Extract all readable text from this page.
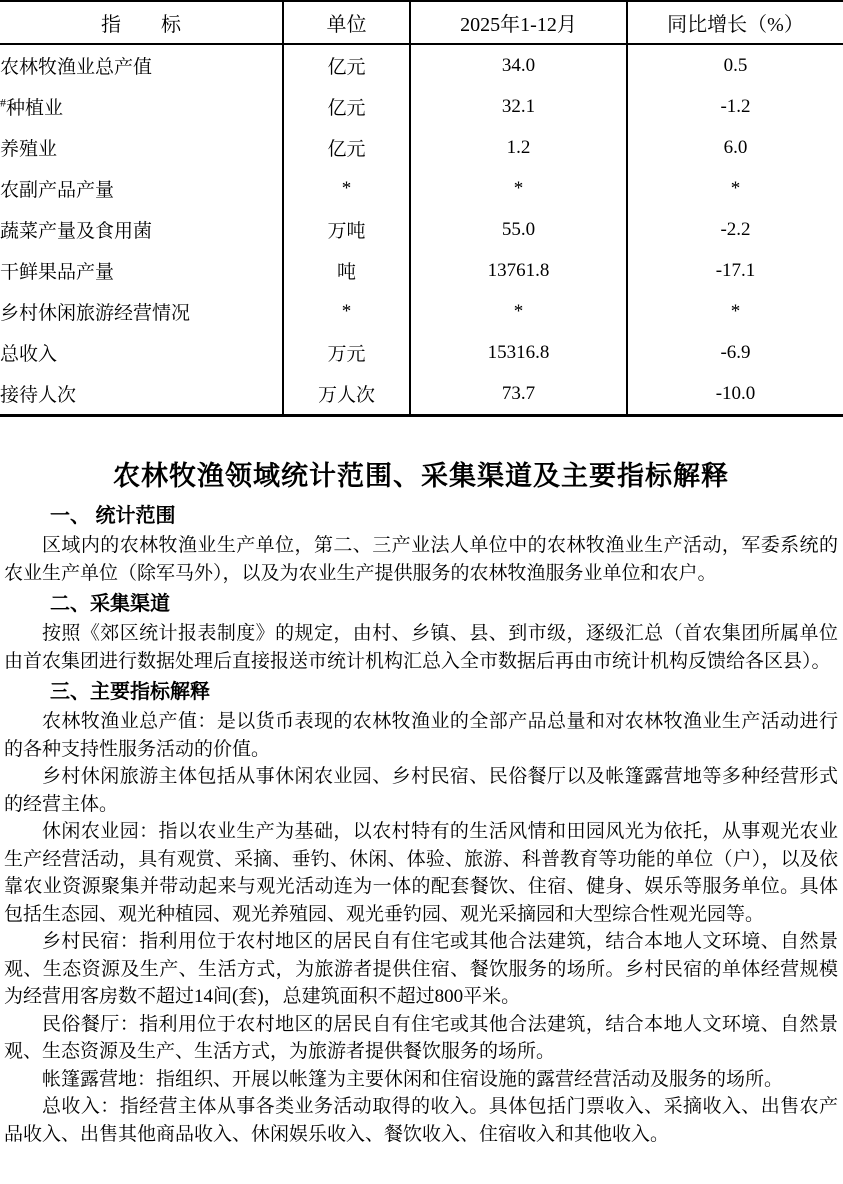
指　　标	单位	2025年1-12月	同比增长（%）
农林牧渔业总产值	亿元	34.0	0.5
#种植业	亿元	32.1	-1.2
养殖业	亿元	1.2	6.0
农副产品产量	*	*	*
蔬菜产量及食用菌	万吨	55.0	-2.2
干鲜果品产量	吨	13761.8	-17.1
乡村休闲旅游经营情况	*	*	*
总收入	万元	15316.8	-6.9
接待人次	万人次	73.7	-10.0
农林牧渔领域统计范围、采集渠道及主要指标解释
一、 统计范围

区域内的农林牧渔业生产单位，第二、三产业法人单位中的农林牧渔业生产活动，军委系统的农业生产单位（除军马外），以及为农业生产提供服务的农林牧渔服务业单位和农户。

二、采集渠道

按照《郊区统计报表制度》的规定，由村、乡镇、县、到市级，逐级汇总（首农集团所属单位由首农集团进行数据处理后直接报送市统计机构汇总入全市数据后再由市统计机构反馈给各区县）。

三、主要指标解释

农林牧渔业总产值：是以货币表现的农林牧渔业的全部产品总量和对农林牧渔业生产活动进行的各种支持性服务活动的价值。

乡村休闲旅游主体包括从事休闲农业园、乡村民宿、民俗餐厅以及帐篷露营地等多种经营形式的经营主体。

休闲农业园：指以农业生产为基础，以农村特有的生活风情和田园风光为依托，从事观光农业生产经营活动，具有观赏、采摘、垂钓、休闲、体验、旅游、科普教育等功能的单位（户），以及依靠农业资源聚集并带动起来与观光活动连为一体的配套餐饮、住宿、健身、娱乐等服务单位。具体包括生态园、观光种植园、观光养殖园、观光垂钓园、观光采摘园和大型综合性观光园等。

乡村民宿：指利用位于农村地区的居民自有住宅或其他合法建筑，结合本地人文环境、自然景观、生态资源及生产、生活方式，为旅游者提供住宿、餐饮服务的场所。乡村民宿的单体经营规模为经营用客房数不超过14间(套)，总建筑面积不超过800平米。

民俗餐厅：指利用位于农村地区的居民自有住宅或其他合法建筑，结合本地人文环境、自然景观、生态资源及生产、生活方式，为旅游者提供餐饮服务的场所。

帐篷露营地：指组织、开展以帐篷为主要休闲和住宿设施的露营经营活动及服务的场所。

总收入：指经营主体从事各类业务活动取得的收入。具体包括门票收入、采摘收入、出售农产品收入、出售其他商品收入、休闲娱乐收入、餐饮收入、住宿收入和其他收入。
